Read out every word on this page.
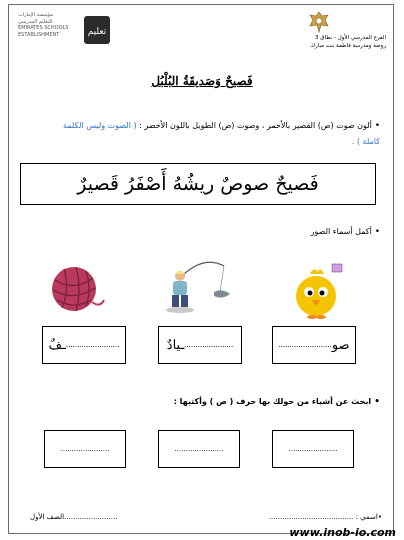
مؤسسة الإمارات
للتعليم المدرسي
EMIRATES SCHOOLS
ESTABLISHMENT	تعليم
الفرع المدرسي الأول - نطاق 3
روضة ومدرسة فاطمة بنت مبارك
فَصيحٌ وَصَديقَةُ البُلْبُل
• ألون صوت (ص) القصير بالأحمر ، وصوت (ص) الطويل باللون الأخضر : ( الصوت وليس الكلمة كاملة ) .
فَصيحٌ صوصٌ ريشُهُ أَصْفَرُ قَصيرٌ
• أكمل أسماء الصور
صو
........................
......................
ـيادٌ
........................
ـفٌ
• ابحث عن أشياء من حولك بها حرف ( ص ) وأكتبها :
......................
......................
......................
•اسمي : ......................................
........................الصف الأول
www.inob-io.com
